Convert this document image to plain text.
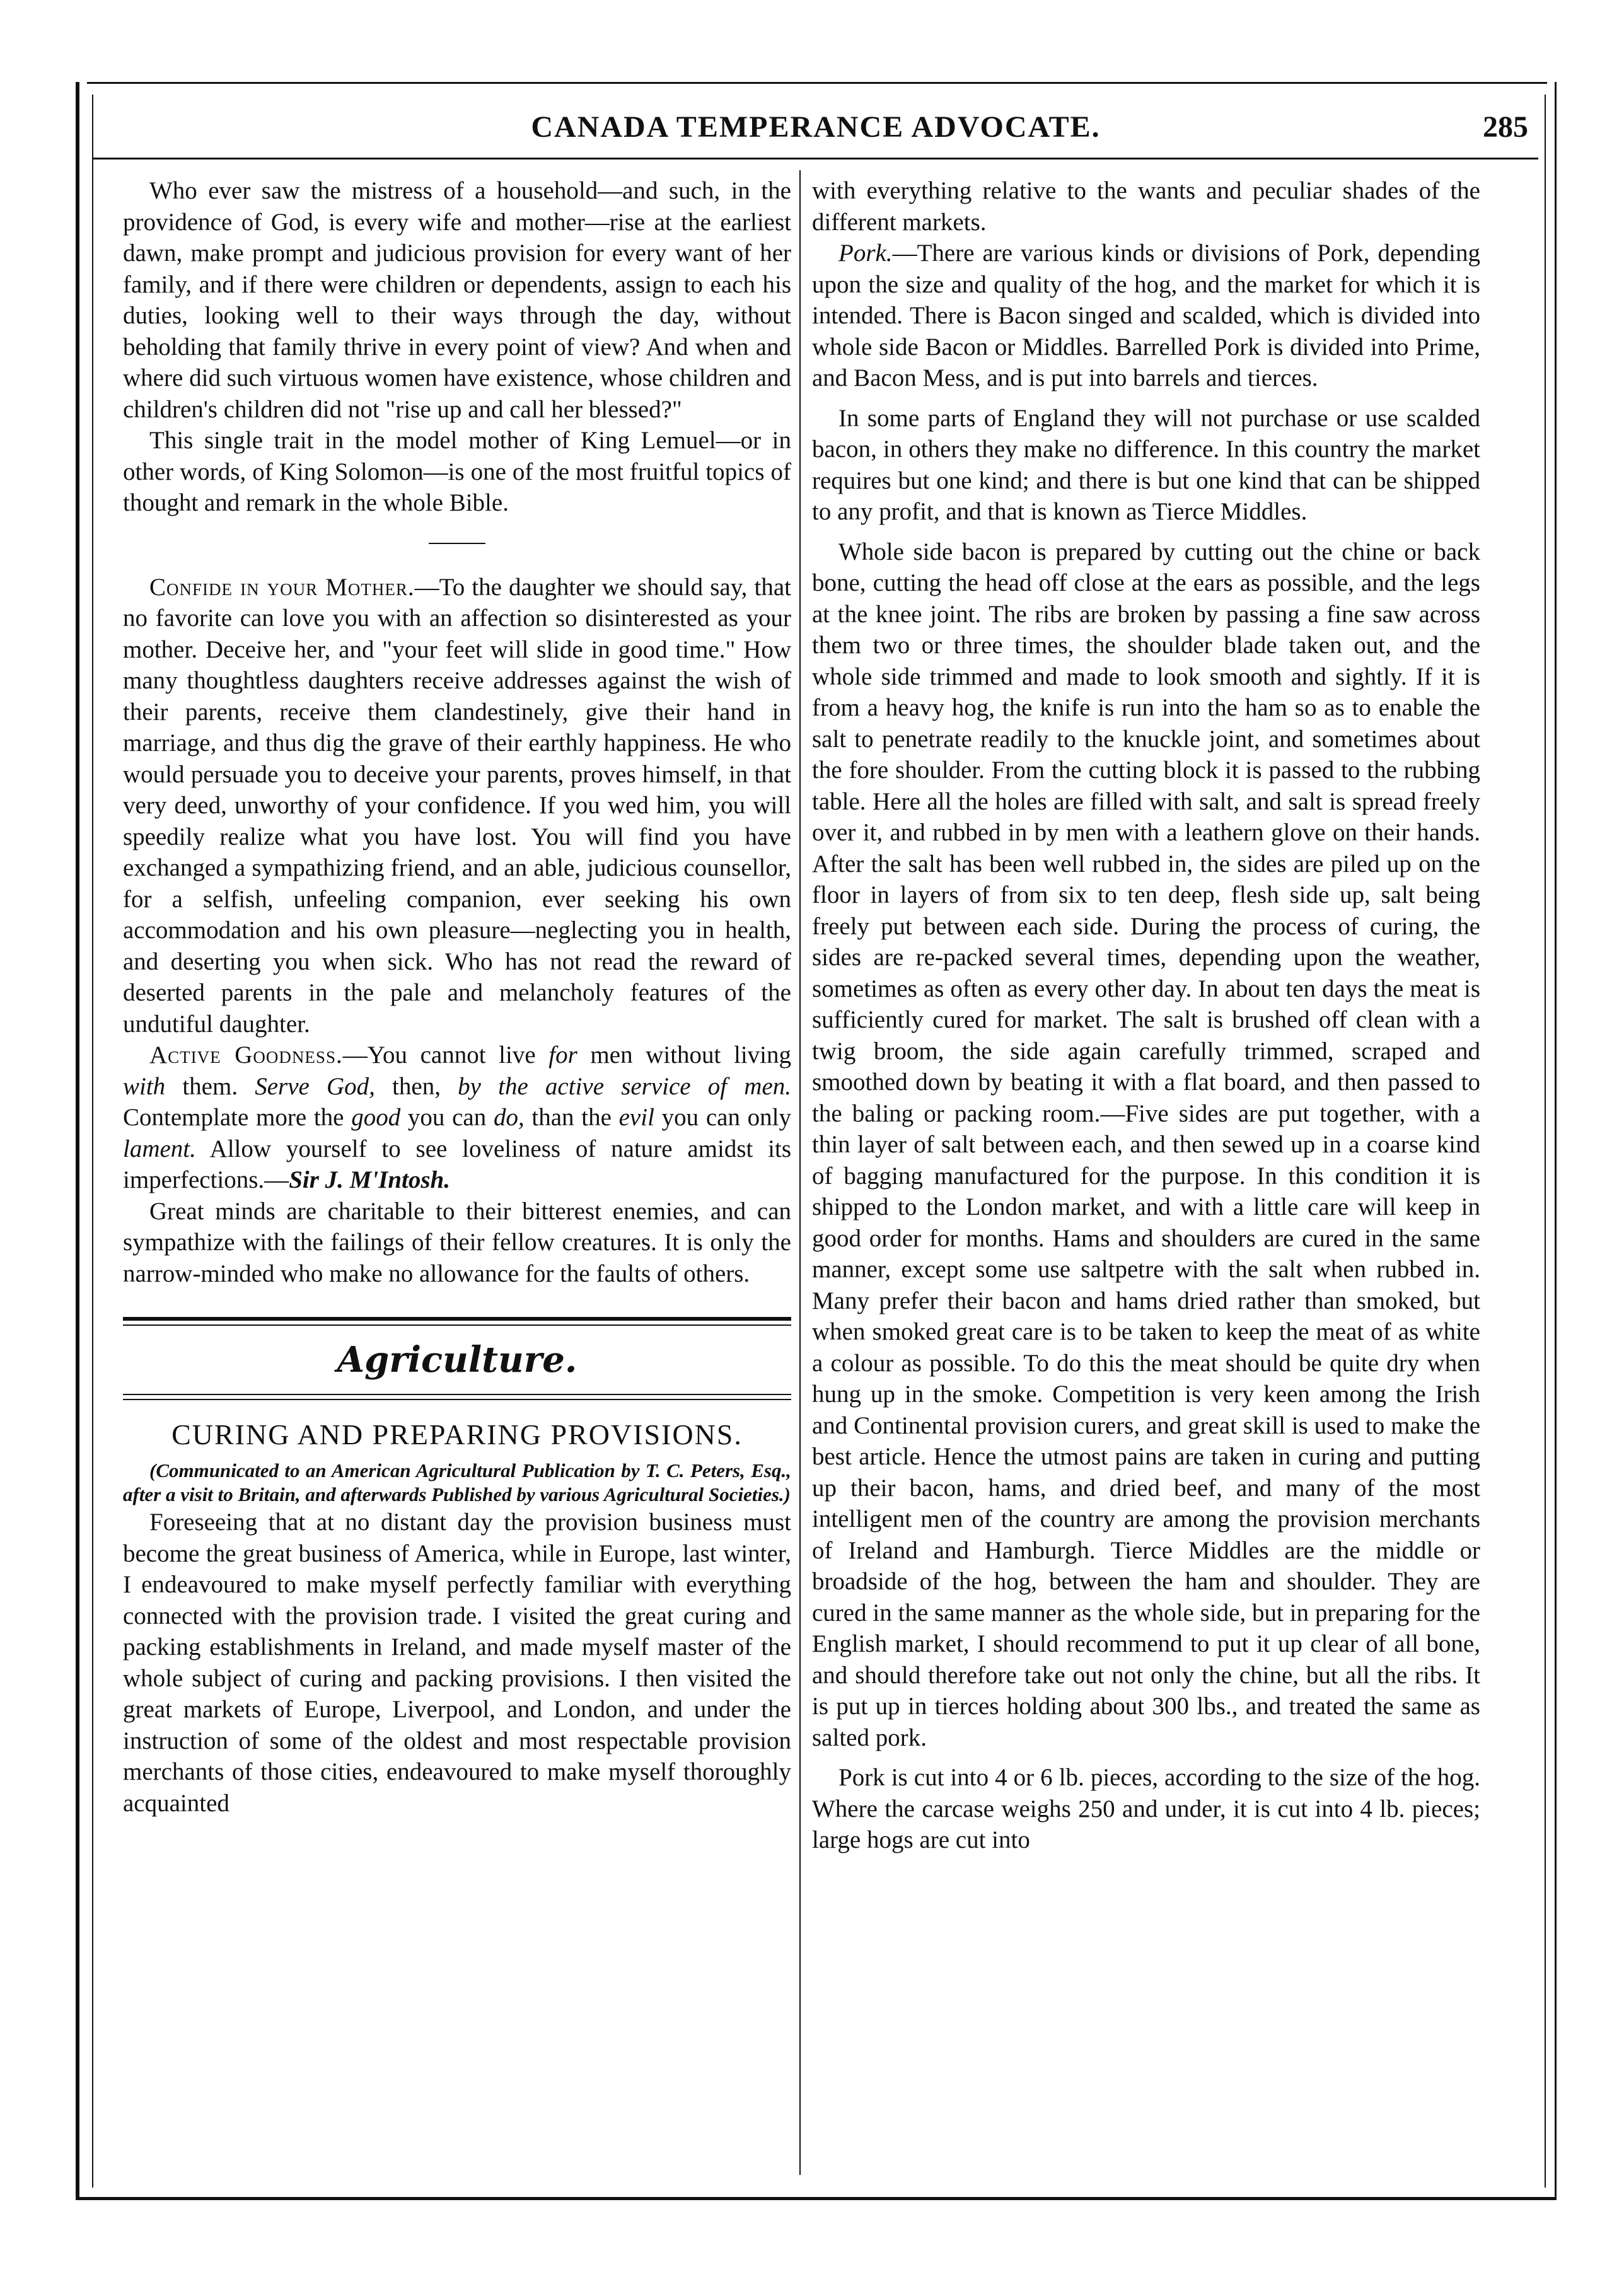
CANADA TEMPERANCE ADVOCATE.	285

Who ever saw the mistress of a household—and such, in the providence of God, is every wife and mother—rise at the earliest dawn, make prompt and judicious provision for every want of her family, and if there were children or dependents, assign to each his duties, looking well to their ways through the day, without beholding that family thrive in every point of view? And when and where did such virtuous women have existence, whose children and children's children did not "rise up and call her blessed?"

This single trait in the model mother of King Lemuel—or in other words, of King Solomon—is one of the most fruitful topics of thought and remark in the whole Bible.

Confide in your Mother.—To the daughter we should say, that no favorite can love you with an affection so disinterested as your mother. Deceive her, and "your feet will slide in good time." How many thoughtless daughters receive addresses against the wish of their parents, receive them clandestinely, give their hand in marriage, and thus dig the grave of their earthly happiness. He who would persuade you to deceive your parents, proves himself, in that very deed, unworthy of your confidence. If you wed him, you will speedily realize what you have lost. You will find you have exchanged a sympathizing friend, and an able, judicious counsellor, for a selfish, unfeeling companion, ever seeking his own accommodation and his own pleasure—neglecting you in health, and deserting you when sick. Who has not read the reward of deserted parents in the pale and melancholy features of the undutiful daughter.

Active Goodness.—You cannot live for men without living with them. Serve God, then, by the active service of men. Contemplate more the good you can do, than the evil you can only lament. Allow yourself to see loveliness of nature amidst its imperfections.—Sir J. M'Intosh.

Great minds are charitable to their bitterest enemies, and can sympathize with the failings of their fellow creatures. It is only the narrow-minded who make no allowance for the faults of others.

Agriculture.
CURING AND PREPARING PROVISIONS.

(Communicated to an American Agricultural Publication by T. C. Peters, Esq., after a visit to Britain, and afterwards Published by various Agricultural Societies.)

Foreseeing that at no distant day the provision business must become the great business of America, while in Europe, last winter, I endeavoured to make myself perfectly familiar with everything connected with the provision trade. I visited the great curing and packing establishments in Ireland, and made myself master of the whole subject of curing and packing provisions. I then visited the great markets of Europe, Liverpool, and London, and under the instruction of some of the oldest and most respectable provision merchants of those cities, endeavoured to make myself thoroughly acquainted

with everything relative to the wants and peculiar shades of the different markets.

Pork.—There are various kinds or divisions of Pork, depending upon the size and quality of the hog, and the market for which it is intended. There is Bacon singed and scalded, which is divided into whole side Bacon or Middles. Barrelled Pork is divided into Prime, and Bacon Mess, and is put into barrels and tierces.

In some parts of England they will not purchase or use scalded bacon, in others they make no difference. In this country the market requires but one kind; and there is but one kind that can be shipped to any profit, and that is known as Tierce Middles.

Whole side bacon is prepared by cutting out the chine or back bone, cutting the head off close at the ears as possible, and the legs at the knee joint. The ribs are broken by passing a fine saw across them two or three times, the shoulder blade taken out, and the whole side trimmed and made to look smooth and sightly. If it is from a heavy hog, the knife is run into the ham so as to enable the salt to penetrate readily to the knuckle joint, and sometimes about the fore shoulder. From the cutting block it is passed to the rubbing table. Here all the holes are filled with salt, and salt is spread freely over it, and rubbed in by men with a leathern glove on their hands. After the salt has been well rubbed in, the sides are piled up on the floor in layers of from six to ten deep, flesh side up, salt being freely put between each side. During the process of curing, the sides are re-packed several times, depending upon the weather, sometimes as often as every other day. In about ten days the meat is sufficiently cured for market. The salt is brushed off clean with a twig broom, the side again carefully trimmed, scraped and smoothed down by beating it with a flat board, and then passed to the baling or packing room.—Five sides are put together, with a thin layer of salt between each, and then sewed up in a coarse kind of bagging manufactured for the purpose. In this condition it is shipped to the London market, and with a little care will keep in good order for months. Hams and shoulders are cured in the same manner, except some use saltpetre with the salt when rubbed in. Many prefer their bacon and hams dried rather than smoked, but when smoked great care is to be taken to keep the meat of as white a colour as possible. To do this the meat should be quite dry when hung up in the smoke. Competition is very keen among the Irish and Continental provision curers, and great skill is used to make the best article. Hence the utmost pains are taken in curing and putting up their bacon, hams, and dried beef, and many of the most intelligent men of the country are among the provision merchants of Ireland and Hamburgh. Tierce Middles are the middle or broadside of the hog, between the ham and shoulder. They are cured in the same manner as the whole side, but in preparing for the English market, I should recommend to put it up clear of all bone, and should therefore take out not only the chine, but all the ribs. It is put up in tierces holding about 300 lbs., and treated the same as salted pork.

Pork is cut into 4 or 6 lb. pieces, according to the size of the hog. Where the carcase weighs 250 and under, it is cut into 4 lb. pieces; large hogs are cut into
